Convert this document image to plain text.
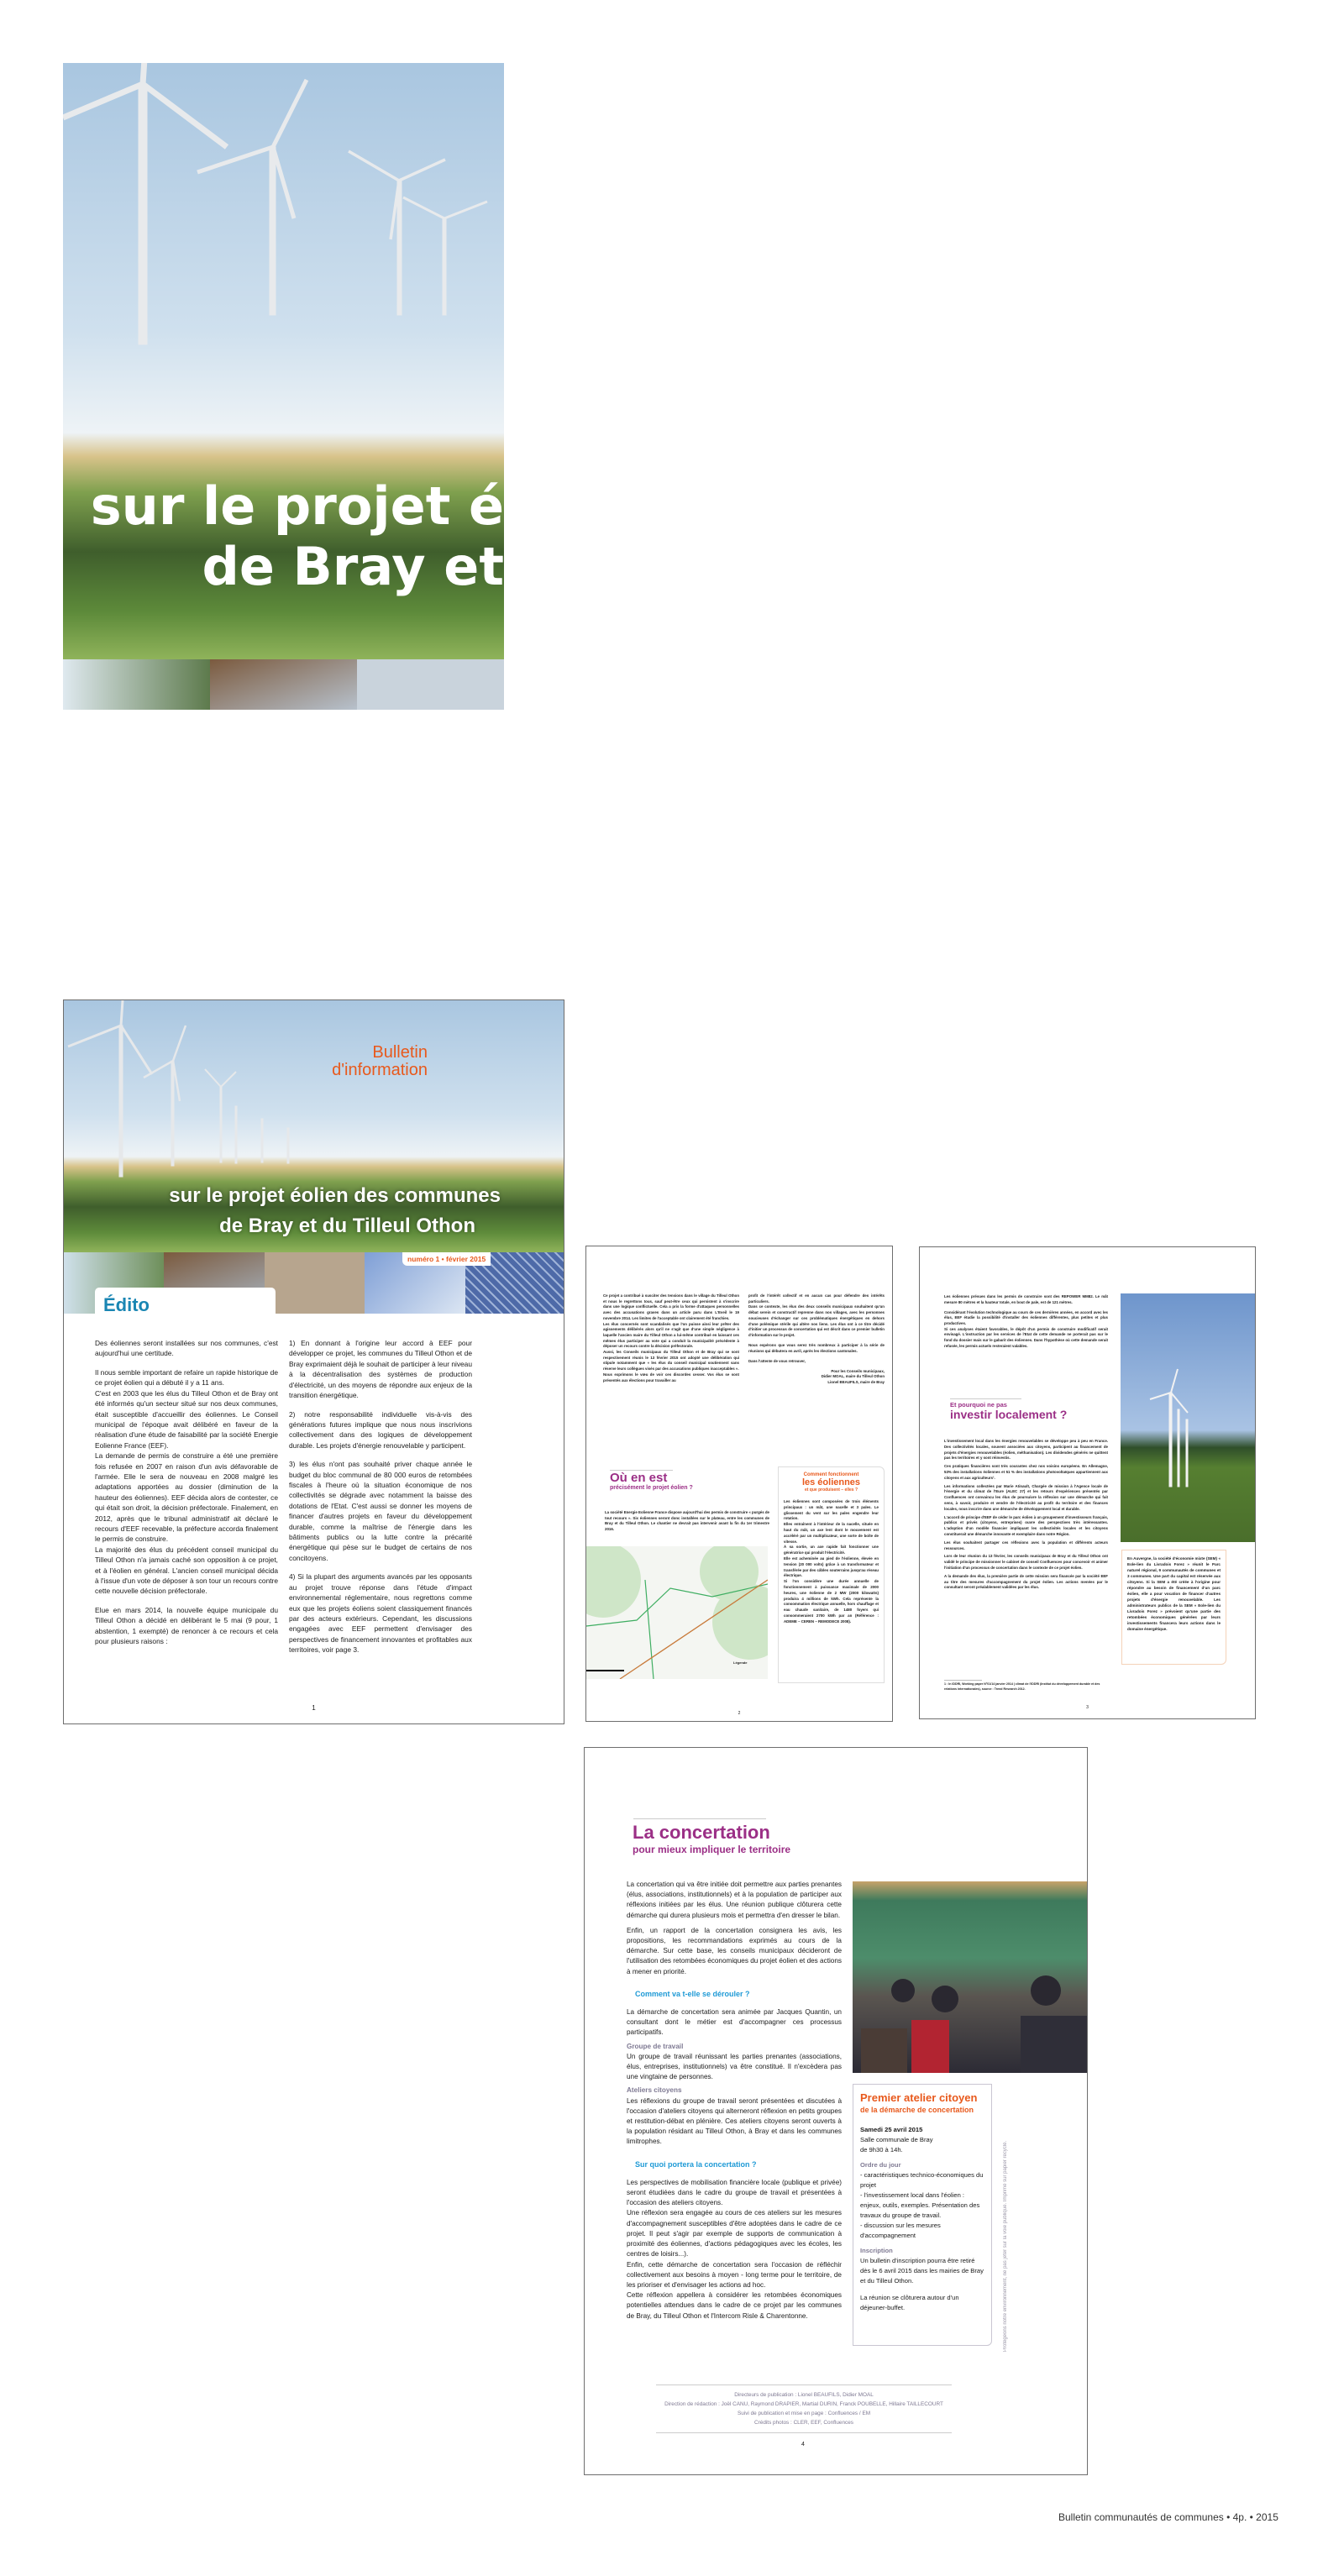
sur le projet é
de Bray et
Bulletin
d'information
sur le projet éolien des communes
de Bray et du Tilleul Othon
numéro 1 • février 2015
Édito

Des éoliennes seront installées sur nos communes, c'est aujourd'hui une certitude.

Il nous semble important de refaire un rapide historique de ce projet éolien qui a débuté il y a 11 ans.

C'est en 2003 que les élus du Tilleul Othon et de Bray ont été informés qu'un secteur situé sur nos deux communes, était susceptible d'accueillir des éoliennes. Le Conseil municipal de l'époque avait délibéré en faveur de la réalisation d'une étude de faisabilité par la société Energie Eolienne France (EEF).

La demande de permis de construire a été une première fois refusée en 2007 en raison d'un avis défavorable de l'armée. Elle le sera de nouveau en 2008 malgré les adaptations apportées au dossier (diminution de la hauteur des éoliennes). EEF décida alors de contester, ce qui était son droit, la décision préfectorale. Finalement, en 2012, après que le tribunal administratif ait déclaré le recours d'EEF recevable, la préfecture accorda finalement le permis de construire.

La majorité des élus du précédent conseil municipal du Tilleul Othon n'a jamais caché son opposition à ce projet, et à l'éolien en général. L'ancien conseil municipal décida à l'issue d'un vote de déposer à son tour un recours contre cette nouvelle décision préfectorale.

Elue en mars 2014, la nouvelle équipe municipale du Tilleul Othon a décidé en délibérant le 5 mai (9 pour, 1 abstention, 1 exempté) de renoncer à ce recours et cela pour plusieurs raisons :

1) En donnant à l'origine leur accord à EEF pour développer ce projet, les communes du Tilleul Othon et de Bray exprimaient déjà le souhait de participer à leur niveau à la décentralisation des systèmes de production d'électricité, un des moyens de répondre aux enjeux de la transition énergétique.

2) notre responsabilité individuelle vis-à-vis des générations futures implique que nous nous inscrivions collectivement dans des logiques de développement durable. Les projets d'énergie renouvelable y participent.

3) les élus n'ont pas souhaité priver chaque année le budget du bloc communal de 80 000 euros de retombées fiscales à l'heure où la situation économique de nos collectivités se dégrade avec notamment la baisse des dotations de l'Etat. C'est aussi se donner les moyens de financer d'autres projets en faveur du développement durable, comme la maîtrise de l'énergie dans les bâtiments publics ou la lutte contre la précarité énergétique qui pèse sur le budget de certains de nos concitoyens.

4) Si la plupart des arguments avancés par les opposants au projet trouve réponse dans l'étude d'impact environnemental réglementaire, nous regrettons comme eux que les projets éoliens soient classiquement financés par des acteurs extérieurs. Cependant, les discussions engagées avec EEF permettent d'envisager des perspectives de financement innovantes et profitables aux territoires, voir page 3.

1

Ce projet a contribué à susciter des tensions dans le village du Tilleul Othon et nous le regrettons tous, sauf peut-être ceux qui persistent à s'inscrire dans une logique conflictuelle. Cela a pris la forme d'attaques personnelles avec des accusations graves dans un article paru dans L'Eveil le 19 novembre 2014. Les limites de l'acceptable ont clairement été franchies.

Les élus concernés sont scandalisés que l'on puisse ainsi leur prêter des agissements délibérés alors qu'il ne s'agit que d'une simple négligence à laquelle l'ancien maire du Tilleul Othon a lui-même contribué en laissant ces mêmes élus participer au vote qui a conduit la municipalité précédente à déposer un recours contre la décision préfectorale.

Aussi, les Conseils municipaux du Tilleul Othon et de Bray qui se sont respectivement réunis le 13 février 2015 ont adopté une délibération qui stipule notamment que « les élus du conseil municipal soutiennent sans réserve leurs collègues visés par des accusations publiques inacceptables ».

Nous exprimons le vœu de voir ces discordes cesser. Vos élus se sont présentés aux élections pour travailler au

profit de l'intérêt collectif et en aucun cas pour défendre des intérêts particuliers.

Dans ce contexte, les élus des deux conseils municipaux souhaitent qu'un débat serein et constructif reprenne dans nos villages, avec les personnes soucieuses d'échanger sur ces problématiques énergétiques en dehors d'une polémique stérile qui altère nos liens. Les élus ont à ce titre décidé d'initier un processus de concertation qui est décrit dans ce premier bulletin d'information sur le projet.

Nous espérons que vous serez très nombreux à participer à la série de réunions qui débutera en avril, après les élections cantonales.

Dans l'attente de vous retrouver,

Pour les Conseils municipaux,
Didier MOAL, maire du Tilleul Othon
Lionel BEAUFILS, maire de Bray
Où en est
précisément le projet éolien ?
La société Energie Eolienne France dispose aujourd'hui des permis de construire « purgés de tout recours ». Six éoliennes seront donc installées sur le plateau, entre les communes de Bray et du Tilleul Othon. Le chantier ne devrait pas intervenir avant la fin du 1er trimestre 2016.
Légende
Comment fonctionnent
les éoliennes
et que produisent – elles ?

Les éoliennes sont composées de trois éléments principaux : un mât, une nacelle et 3 pales. Le glissement du vent sur les pales engendre leur rotation.

Elles entraînent à l'intérieur de la nacelle, située en haut du mât, un axe lent dont le mouvement est accéléré par un multiplicateur, une sorte de boîte de vitesse.

À sa sortie, un axe rapide fait fonctionner une génératrice qui produit l'électricité.

Elle est acheminée au pied de l'éolienne, élevée en tension (20 000 volts) grâce à un transformateur et transférée par des câbles souterrains jusqu'au réseau électrique.

Si l'on considère une durée annuelle de fonctionnement à puissance maximale de 2000 heures, une éolienne de 2 MW (2000 kilowatts) produira 4 millions de kWh. Cela représente la consommation électrique annuelle, hors chauffage et eau chaude sanitaire, de 1480 foyers qui consommeraient 2700 kWh par an (Référence : ADEME – CEREN – REMODECE 2008).

2

Les éoliennes prévues dans les permis de construire sont des REPOWER MM82. Le mât mesure 80 mètres et la hauteur totale, en bout de pale, est de 121 mètres.

Considérant l'évolution technologique au cours de ces dernières années, en accord avec les élus, EEF étudie la possibilité d'installer des éoliennes différentes, plus petites et plus productives.

Si ces analyses étaient favorables, le dépôt d'un permis de construire modificatif serait envisagé. L'instruction par les services de l'Etat de cette demande ne porterait pas sur le fond du dossier mais sur le gabarit des éoliennes. Dans l'hypothèse où cette demande serait refusée, les permis actuels resteraient valables.

Et pourquoi ne pas
investir localement ?

L'investissement local dans les énergies renouvelables se développe peu à peu en France. Des collectivités locales, souvent associées aux citoyens, participent au financement de projets d'énergies renouvelables (éolien, méthanisation). Les dividendes générés ne quittent pas les territoires et y sont réinvestis.

Ces pratiques financières sont très courantes chez nos voisins européens. En Allemagne, 53% des installations éoliennes et 51 % des installations photovoltaïques appartiennent aux citoyens et aux agriculteurs¹.

Les informations collectées par Marie Atinault, Chargée de mission à l'Agence locale de l'énergie et du climat de l'Eure (ALEC 27) et les retours d'expériences présentés par Confluences ont convaincu les élus de poursuivre la réflexion sur une démarche qui fait sens, à savoir, produire et vendre de l'électricité au profit du territoire et des finances locales, nous inscrire dans une démarche de développement local et durable.

L'accord de principe d'EEF de céder le parc éolien à un groupement d'investisseurs français, publics et privés (citoyens, entreprises) ouvre des perspectives très intéressantes. L'adoption d'un modèle financier impliquant les collectivités locales et les citoyens constituerait une démarche innovante et exemplaire dans notre Région.

Les élus souhaitent partager ces réflexions avec la population et différents acteurs ressources.

Lors de leur réunion du 13 février, les conseils municipaux de Bray et du Tilleul Othon ont validé le principe de missionner le cabinet de conseil Confluences pour concevoir et animer l'initiation d'un processus de concertation dans le contexte de ce projet éolien.

A la demande des élus, la première partie de cette mission sera financée par la société EEF au titre des mesures d'accompagnement du projet éolien. Les actions menées par le consultant seront préalablement validées par les élus.

En Auvergne, la société d'économie mixte (SEM) « Eole-lien du Livradois Forez » réunit le Parc naturel régional, 9 communautés de communes et 3 communes. Une part du capital est réservée aux citoyens. Si la SEM a été créée à l'origine pour répondre au besoin de financement d'un parc éolien, elle a pour vocation de financer d'autres projets d'énergie renouvelable. Les administrateurs publics de la SEM « Eole-lien du Livradois Forez » prévoient qu'une partie des retombées économiques générées par leurs investissements financera leurs actions dans le domaine énergétique.
1 : In IDDRI, Working paper N°01/14 janvier 2014 | climat de l'IDDRI (Institut du développement durable et des relations internationales), source : Trend Research 2012.
3
La concertation
pour mieux impliquer le territoire

La concertation qui va être initiée doit permettre aux parties prenantes (élus, associations, institutionnels) et à la population de participer aux réflexions initiées par les élus. Une réunion publique clôturera cette démarche qui durera plusieurs mois et permettra d'en dresser le bilan.

Enfin, un rapport de la concertation consignera les avis, les propositions, les recommandations exprimés au cours de la démarche. Sur cette base, les conseils municipaux décideront de l'utilisation des retombées économiques du projet éolien et des actions à mener en priorité.

Comment va t-elle se dérouler ?

La démarche de concertation sera animée par Jacques Quantin, un consultant dont le métier est d'accompagner ces processus participatifs.

Groupe de travail

Un groupe de travail réunissant les parties prenantes (associations, élus, entreprises, institutionnels) va être constitué. Il n'excèdera pas une vingtaine de personnes.

Ateliers citoyens

Les réflexions du groupe de travail seront présentées et discutées à l'occasion d'ateliers citoyens qui alterneront réflexion en petits groupes et restitution-débat en plénière. Ces ateliers citoyens seront ouverts à la population résidant au Tilleul Othon, à Bray et dans les communes limitrophes.

Sur quoi portera la concertation ?

Les perspectives de mobilisation financière locale (publique et privée) seront étudiées dans le cadre du groupe de travail et présentées à l'occasion des ateliers citoyens.

Une réflexion sera engagée au cours de ces ateliers sur les mesures d'accompagnement susceptibles d'être adoptées dans le cadre de ce projet. Il peut s'agir par exemple de supports de communication à proximité des éoliennes, d'actions pédagogiques avec les écoles, les centres de loisirs...).

Enfin, cette démarche de concertation sera l'occasion de réfléchir collectivement aux besoins à moyen - long terme pour le territoire, de les prioriser et d'envisager les actions ad hoc.

Cette réflexion appellera à considérer les retombées économiques potentielles attendues dans le cadre de ce projet par les communes de Bray, du Tilleul Othon et l'Intercom Risle & Charentonne.

Premier atelier citoyen
de la démarche de concertation
Samedi 25 avril 2015
Salle communale de Bray
de 9h30 à 14h.
Ordre du jour
- caractéristiques technico-économiques du projet
- l'investissement local dans l'éolien : enjeux, outils, exemples. Présentation des travaux du groupe de travail.
- discussion sur les mesures d'accompagnement
Inscription
Un bulletin d'inscription pourra être retiré dès le 6 avril 2015 dans les mairies de Bray et du Tilleul Othon.
La réunion se clôturera autour d'un déjeuner-buffet.	Protégeons notre environnement, ne pas jeter sur la voie publique. Imprimé sur papier recyclé.
Directeurs de publication : Lionel BEAUFILS, Didier MOAL
Direction de rédaction : Joël CANU, Raymond DRAPIER, Martial DURIN, Franck POUBELLE, Hillaire TAILLECOURT
Suivi de publication et mise en page : Confluences / EM
Crédits photos : CLER, EEF, Confluences
4
Bulletin communautés de communes • 4p. • 2015
